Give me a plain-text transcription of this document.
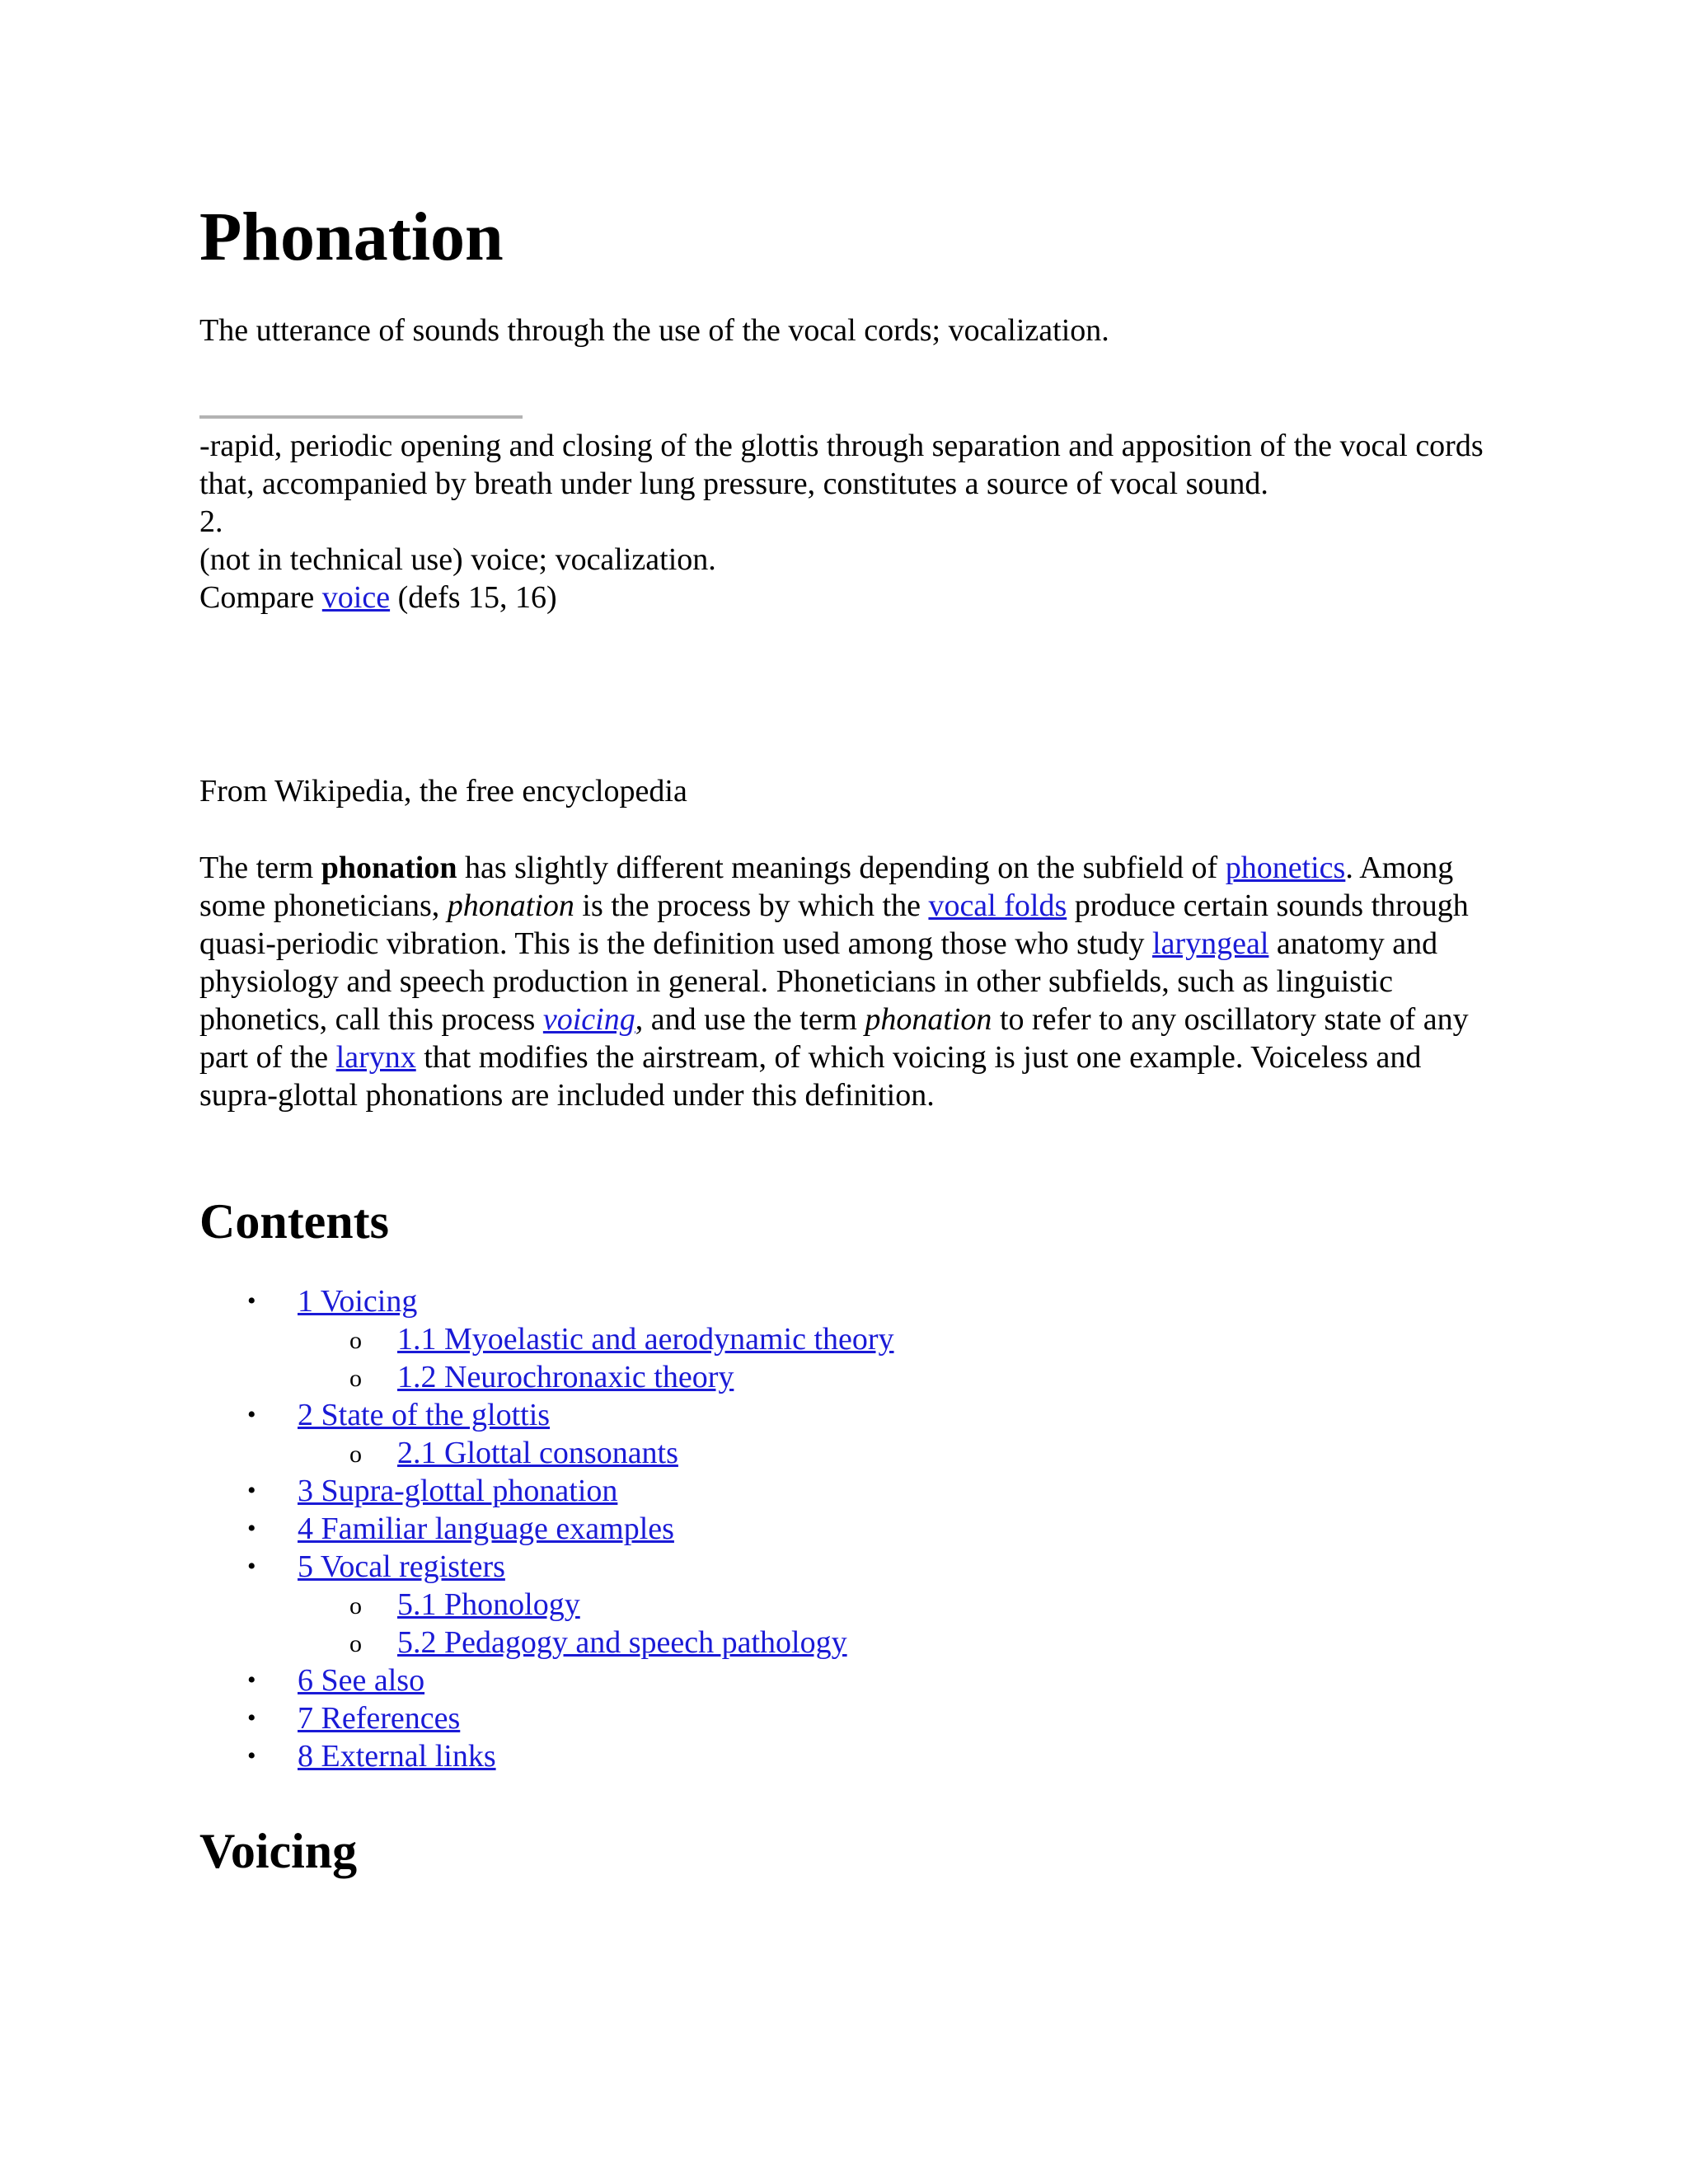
Phonation

The utterance of sounds through the use of the vocal cords; vocalization.

-rapid, periodic opening and closing of the glottis through separation and apposition of the vocal cords that, accompanied by breath under lung pressure, constitutes a source of vocal sound.

2.

(not in technical use) voice; vocalization.

Compare voice (defs 15, 16)

From Wikipedia, the free encyclopedia

The term phonation has slightly different meanings depending on the subfield of phonetics. Among some phoneticians, phonation is the process by which the vocal folds produce certain sounds through quasi-periodic vibration. This is the definition used among those who study laryngeal anatomy and physiology and speech production in general. Phoneticians in other subfields, such as linguistic phonetics, call this process voicing, and use the term phonation to refer to any oscillatory state of any part of the larynx that modifies the airstream, of which voicing is just one example. Voiceless and supra-glottal phonations are included under this definition.

Contents
• 1 Voicing
o 1.1 Myoelastic and aerodynamic theory
o 1.2 Neurochronaxic theory
• 2 State of the glottis
o 2.1 Glottal consonants
• 3 Supra-glottal phonation
• 4 Familiar language examples
• 5 Vocal registers
o 5.1 Phonology
o 5.2 Pedagogy and speech pathology
• 6 See also
• 7 References
• 8 External links
Voicing
